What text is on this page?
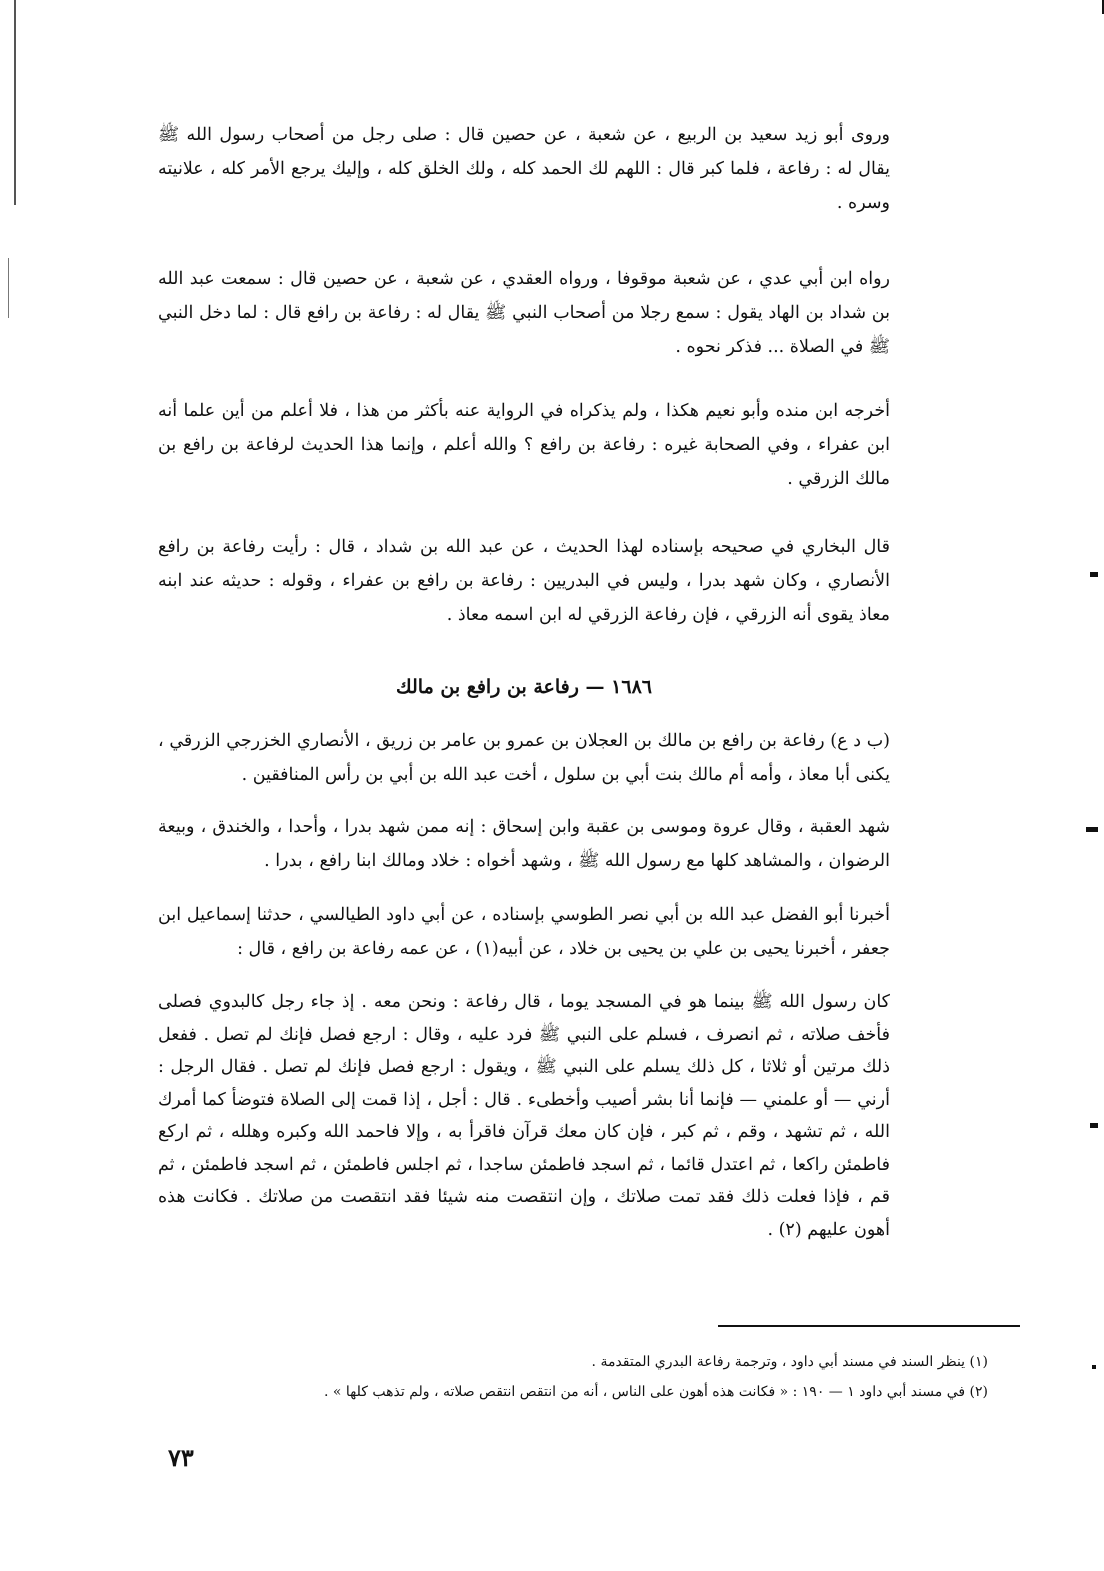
وروى أبو زيد سعيد بن الربيع ، عن شعبة ، عن حصين قال : صلى رجل من أصحاب رسول الله ﷺ يقال له : رفاعة ، فلما كبر قال : اللهم لك الحمد كله ، ولك الخلق كله ، وإليك يرجع الأمر كله ، علانيته وسره .

رواه ابن أبي عدي ، عن شعبة موقوفا ، ورواه العقدي ، عن شعبة ، عن حصين قال : سمعت عبد الله بن شداد بن الهاد يقول : سمع رجلا من أصحاب النبي ﷺ يقال له : رفاعة بن رافع قال : لما دخل النبي ﷺ في الصلاة ... فذكر نحوه .

أخرجه ابن منده وأبو نعيم هكذا ، ولم يذكراه في الرواية عنه بأكثر من هذا ، فلا أعلم من أين علما أنه ابن عفراء ، وفي الصحابة غيره : رفاعة بن رافع ؟ والله أعلم ، وإنما هذا الحديث لرفاعة بن رافع بن مالك الزرقي .

قال البخاري في صحيحه بإسناده لهذا الحديث ، عن عبد الله بن شداد ، قال : رأيت رفاعة بن رافع الأنصاري ، وكان شهد بدرا ، وليس في البدريين : رفاعة بن رافع بن عفراء ، وقوله : حديثه عند ابنه معاذ يقوى أنه الزرقي ، فإن رفاعة الزرقي له ابن اسمه معاذ .

١٦٨٦ — رفاعة بن رافع بن مالك

(ب د ع) رفاعة بن رافع بن مالك بن العجلان بن عمرو بن عامر بن زريق ، الأنصاري الخزرجي الزرقي ، يكنى أبا معاذ ، وأمه أم مالك بنت أبي بن سلول ، أخت عبد الله بن أبي بن رأس المنافقين .

شهد العقبة ، وقال عروة وموسى بن عقبة وابن إسحاق : إنه ممن شهد بدرا ، وأحدا ، والخندق ، وبيعة الرضوان ، والمشاهد كلها مع رسول الله ﷺ ، وشهد أخواه : خلاد ومالك ابنا رافع ، بدرا .

أخبرنا أبو الفضل عبد الله بن أبي نصر الطوسي بإسناده ، عن أبي داود الطيالسي ، حدثنا إسماعيل ابن جعفر ، أخبرنا يحيى بن علي بن يحيى بن خلاد ، عن أبيه(١) ، عن عمه رفاعة بن رافع ، قال :

كان رسول الله ﷺ بينما هو في المسجد يوما ، قال رفاعة : ونحن معه . إذ جاء رجل كالبدوي فصلى فأخف صلاته ، ثم انصرف ، فسلم على النبي ﷺ فرد عليه ، وقال : ارجع فصل فإنك لم تصل . ففعل ذلك مرتين أو ثلاثا ، كل ذلك يسلم على النبي ﷺ ، ويقول : ارجع فصل فإنك لم تصل . فقال الرجل : أرني — أو علمني — فإنما أنا بشر أصيب وأخطىء . قال : أجل ، إذا قمت إلى الصلاة فتوضأ كما أمرك الله ، ثم تشهد ، وقم ، ثم كبر ، فإن كان معك قرآن فاقرأ به ، وإلا فاحمد الله وكبره وهلله ، ثم اركع فاطمئن راكعا ، ثم اعتدل قائما ، ثم اسجد فاطمئن ساجدا ، ثم اجلس فاطمئن ، ثم اسجد فاطمئن ، ثم قم ، فإذا فعلت ذلك فقد تمت صلاتك ، وإن انتقصت منه شيئا فقد انتقصت من صلاتك . فكانت هذه أهون عليهم (٢) .

(١) ينظر السند في مسند أبي داود ، وترجمة رفاعة البدري المتقدمة .

(٢) في مسند أبي داود ١ — ١٩٠ : « فكانت هذه أهون على الناس ، أنه من انتقص انتقص صلاته ، ولم تذهب كلها » .

٧٣
